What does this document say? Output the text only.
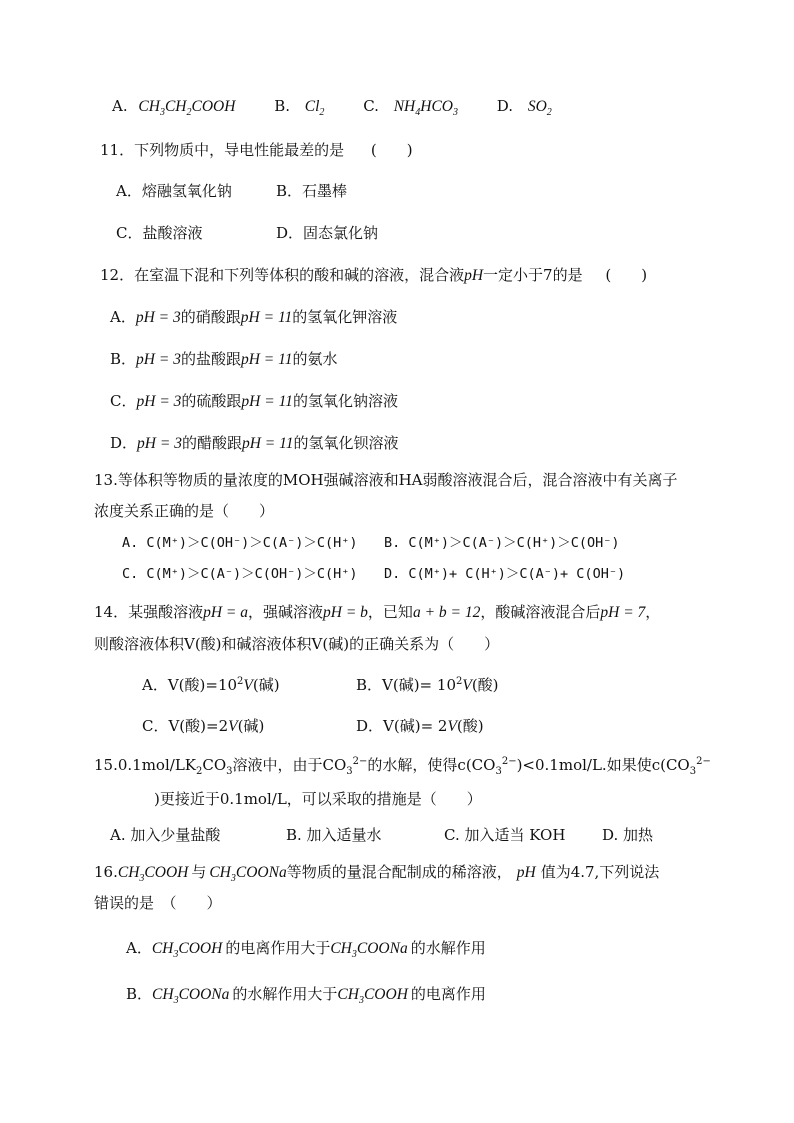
A. $CH_3CH_2COOH$	B. $Cl_2$	C. $NH_4HCO_3$	D. $SO_2$
11．下列物质中，导电性能最差的是 (　　)
A．熔融氢氧化钠	B．石墨棒
C．盐酸溶液	D．固态氯化钠
12．在室温下混和下列等体积的酸和碱的溶液，混合液pH一定小于7的是 (　　)
A．pH = 3的硝酸跟pH = 11的氢氧化钾溶液
B．pH = 3的盐酸跟pH = 11的氨水
C．pH = 3的硫酸跟pH = 11的氢氧化钠溶液
D．pH = 3的醋酸跟pH = 11的氢氧化钡溶液
13.等体积等物质的量浓度的MOH强碱溶液和HA弱酸溶液混合后，混合溶液中有关离子
浓度关系正确的是（　　）
A. C(M⁺)＞C(OH⁻)＞C(A⁻)＞C(H⁺) B. C(M⁺)＞C(A⁻)＞C(H⁺)＞C(OH⁻)
C. C(M⁺)＞C(A⁻)＞C(OH⁻)＞C(H⁺) D. C(M⁺)+ C(H⁺)＞C(A⁻)+ C(OH⁻)
14．某强酸溶液pH = a，强碱溶液pH = b，已知a + b = 12，酸碱溶液混合后pH = 7，
则酸溶液体积V(酸)和碱溶液体积V(碱)的正确关系为（　　）
A．V(酸)$=10^2V$(碱)	B．V(碱)= $10^2V$(酸)
C．V(酸)=2V(碱)	D．V(碱)= 2V(酸)
$15.0.1mol/LK_2CO_3$溶液中，由于$CO_3^{2-}$的水解，使得$c(CO_3^{2-})<0.1mol/L$.如果使$c(CO_3^{2-}$
)更接近于0.1mol/L，可以采取的措施是（　　）
A. 加入少量盐酸	B. 加入适量水	C. 加入适当 KOH D. 加热
$16.CH_3COOH$ 与 $CH_3COONa$等物质的量混合配制成的稀溶液， pH 值为4.7,下列说法
错误的是　（　　）
A．$CH_3COOH$ 的电离作用大于$CH_3COONa$ 的水解作用
B．$CH_3COONa$ 的水解作用大于$CH_3COOH$ 的电离作用
